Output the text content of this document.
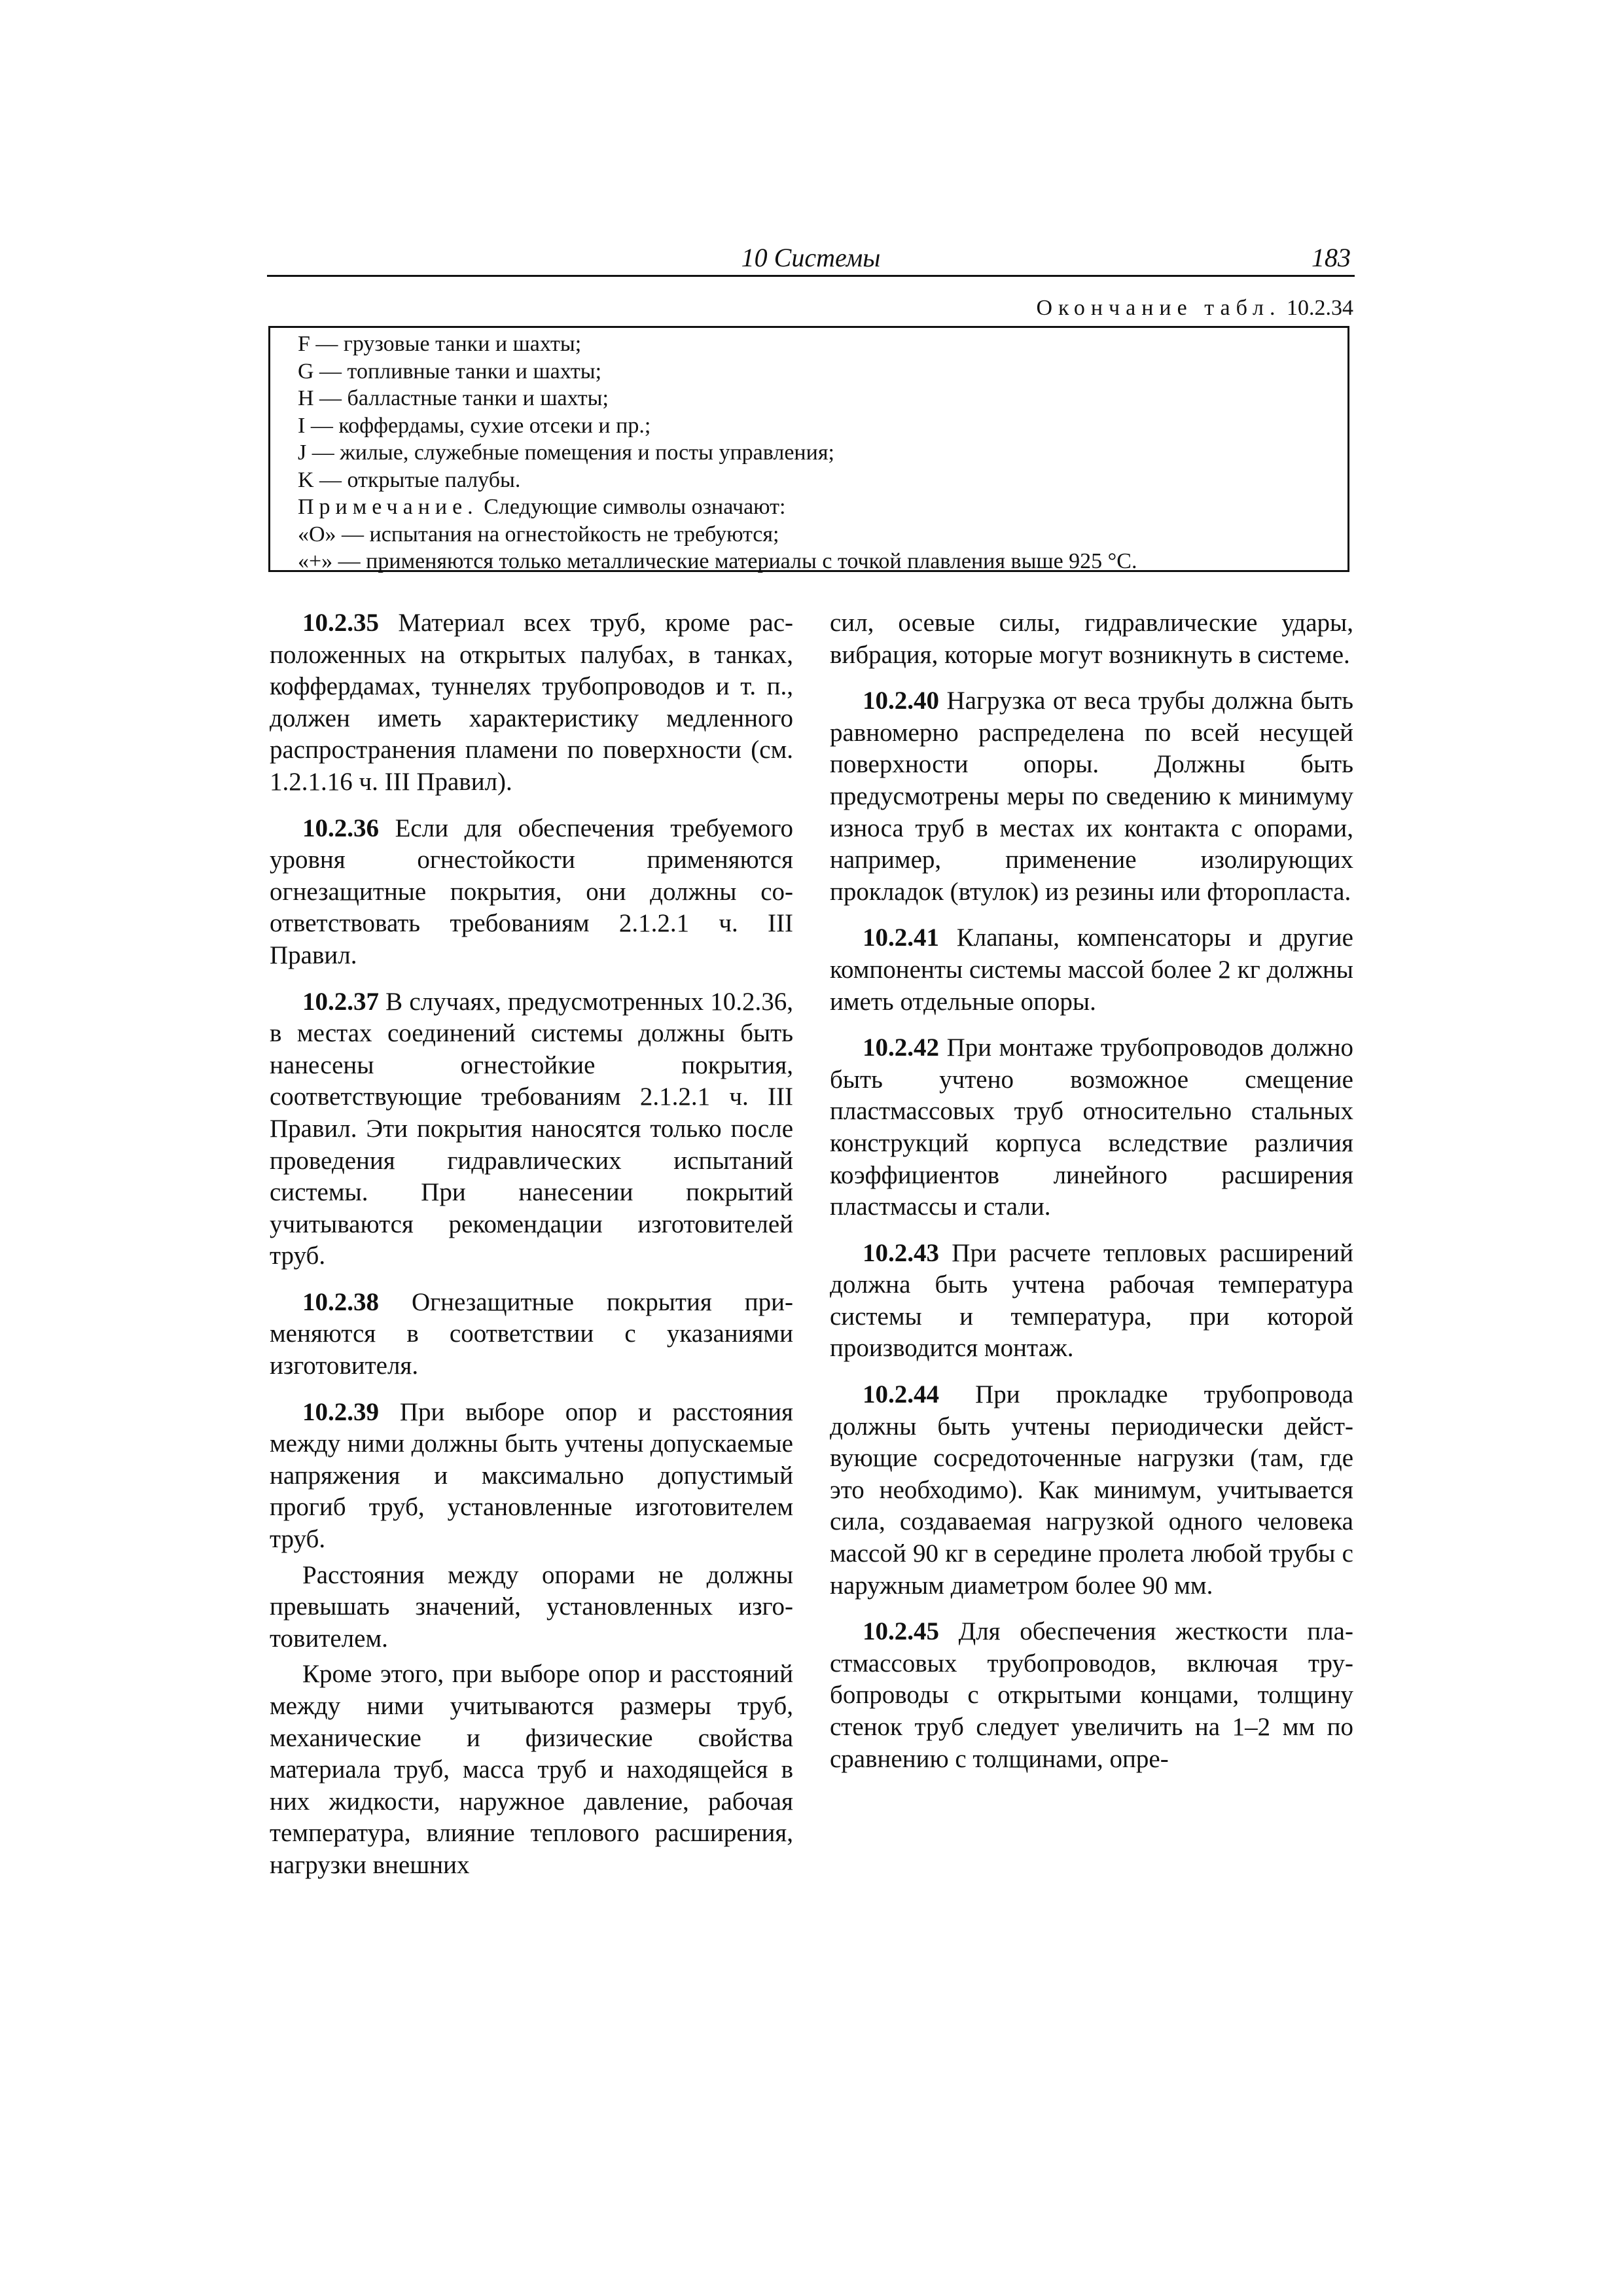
10 Системы	183
Окончание табл. 10.2.34
F — грузовые танки и шахты;
G — топливные танки и шахты;
H — балластные танки и шахты;
I — коффердамы, сухие отсеки и пр.;
J — жилые, служебные помещения и посты управления;
K — открытые палубы.
Примечание. Следующие символы означают:
«О» — испытания на огнестойкость не требуются;
«+» — применяются только металлические материалы с точкой плавления выше 925 °C.

10.2.35 Материал всех труб, кроме расположенных на открытых палубах, в танках, коффердамах, туннелях трубопроводов и т. п., должен иметь характеристику медленного распространения пламени по поверхности (см. 1.2.1.16 ч. III Правил).

10.2.36 Если для обеспечения требуемого уровня огнестойкости применяются огнезащитные покрытия, они должны соответствовать требованиям 2.1.2.1 ч. III Правил.

10.2.37 В случаях, предусмотренных 10.2.36, в местах соединений системы должны быть нанесены огнестойкие покрытия, соответствующие требованиям 2.1.2.1 ч. III Правил. Эти покрытия наносятся только после проведения гидравлических испытаний системы. При нанесении покрытий учитываются рекомендации изготовителей труб.

10.2.38 Огнезащитные покрытия применяются в соответствии с указаниями изготовителя.

10.2.39 При выборе опор и расстояния между ними должны быть учтены допускаемые напряжения и максимально допустимый прогиб труб, установленные изготовителем труб.

Расстояния между опорами не должны превышать значений, установленных изготовителем.

Кроме этого, при выборе опор и расстояний между ними учитываются размеры труб, механические и физические свойства материала труб, масса труб и находящейся в них жидкости, наружное давление, рабочая температура, влияние теплового расширения, нагрузки внешних

сил, осевые силы, гидравлические удары, вибрация, которые могут возникнуть в системе.

10.2.40 Нагрузка от веса трубы должна быть равномерно распределена по всей несущей поверхности опоры. Должны быть предусмотрены меры по сведению к минимуму износа труб в местах их контакта с опорами, например, применение изолирующих прокладок (втулок) из резины или фторопласта.

10.2.41 Клапаны, компенсаторы и другие компоненты системы массой более 2 кг должны иметь отдельные опоры.

10.2.42 При монтаже трубопроводов должно быть учтено возможное смещение пластмассовых труб относительно стальных конструкций корпуса вследствие различия коэффициентов линейного расширения пластмассы и стали.

10.2.43 При расчете тепловых расширений должна быть учтена рабочая температура системы и температура, при которой производится монтаж.

10.2.44 При прокладке трубопровода должны быть учтены периодически действующие сосредоточенные нагрузки (там, где это необходимо). Как минимум, учитывается сила, создаваемая нагрузкой одного человека массой 90 кг в середине пролета любой трубы с наружным диаметром более 90 мм.

10.2.45 Для обеспечения жесткости пластмассовых трубопроводов, включая трубопроводы с открытыми концами, толщину стенок труб следует увеличить на 1–2 мм по сравнению с толщинами, опре-
